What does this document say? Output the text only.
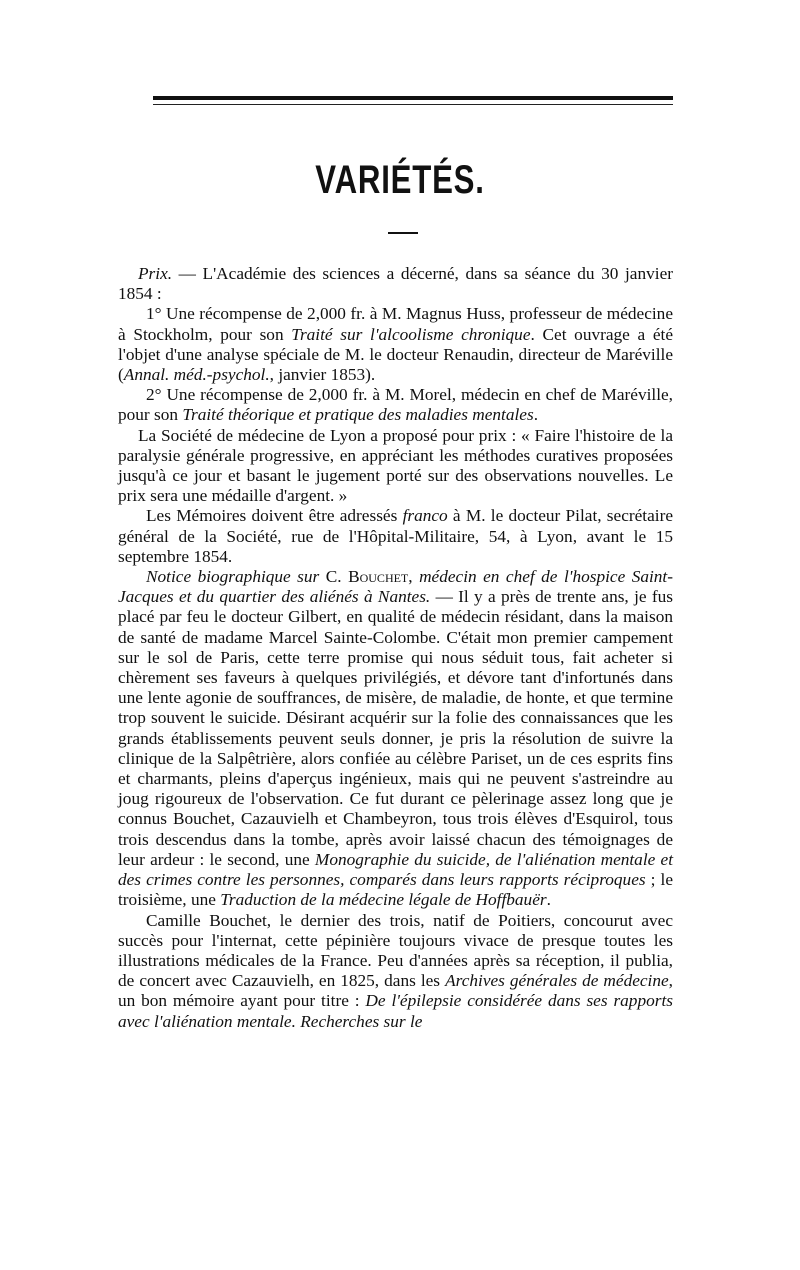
VARIÉTÉS.

Prix. — L'Académie des sciences a décerné, dans sa séance du 30 janvier 1854 :

1° Une récompense de 2,000 fr. à M. Magnus Huss, professeur de médecine à Stockholm, pour son Traité sur l'alcoolisme chronique. Cet ouvrage a été l'objet d'une analyse spéciale de M. le docteur Renaudin, directeur de Maréville (Annal. méd.-psychol., janvier 1853).

2° Une récompense de 2,000 fr. à M. Morel, médecin en chef de Maréville, pour son Traité théorique et pratique des maladies mentales.

La Société de médecine de Lyon a proposé pour prix : « Faire l'histoire de la paralysie générale progressive, en appréciant les méthodes curatives proposées jusqu'à ce jour et basant le jugement porté sur des observations nouvelles. Le prix sera une médaille d'argent. »

Les Mémoires doivent être adressés franco à M. le docteur Pilat, secrétaire général de la Société, rue de l'Hôpital-Militaire, 54, à Lyon, avant le 15 septembre 1854.

Notice biographique sur C. Bouchet, médecin en chef de l'hospice Saint-Jacques et du quartier des aliénés à Nantes. — Il y a près de trente ans, je fus placé par feu le docteur Gilbert, en qualité de médecin résidant, dans la maison de santé de madame Marcel Sainte-Colombe. C'était mon premier campement sur le sol de Paris, cette terre promise qui nous séduit tous, fait acheter si chèrement ses faveurs à quelques privilégiés, et dévore tant d'infortunés dans une lente agonie de souffrances, de misère, de maladie, de honte, et que termine trop souvent le suicide. Désirant acquérir sur la folie des connaissances que les grands établissements peuvent seuls donner, je pris la résolution de suivre la clinique de la Salpêtrière, alors confiée au célèbre Pariset, un de ces esprits fins et charmants, pleins d'aperçus ingénieux, mais qui ne peuvent s'astreindre au joug rigoureux de l'observation. Ce fut durant ce pèlerinage assez long que je connus Bouchet, Cazauvielh et Chambeyron, tous trois élèves d'Esquirol, tous trois descendus dans la tombe, après avoir laissé chacun des témoignages de leur ardeur : le second, une Monographie du suicide, de l'aliénation mentale et des crimes contre les personnes, comparés dans leurs rapports réciproques ; le troisième, une Traduction de la médecine légale de Hoffbauër.

Camille Bouchet, le dernier des trois, natif de Poitiers, concourut avec succès pour l'internat, cette pépinière toujours vivace de presque toutes les illustrations médicales de la France. Peu d'années après sa réception, il publia, de concert avec Cazauvielh, en 1825, dans les Archives générales de médecine, un bon mémoire ayant pour titre : De l'épilepsie considérée dans ses rapports avec l'aliénation mentale. Recherches sur le
